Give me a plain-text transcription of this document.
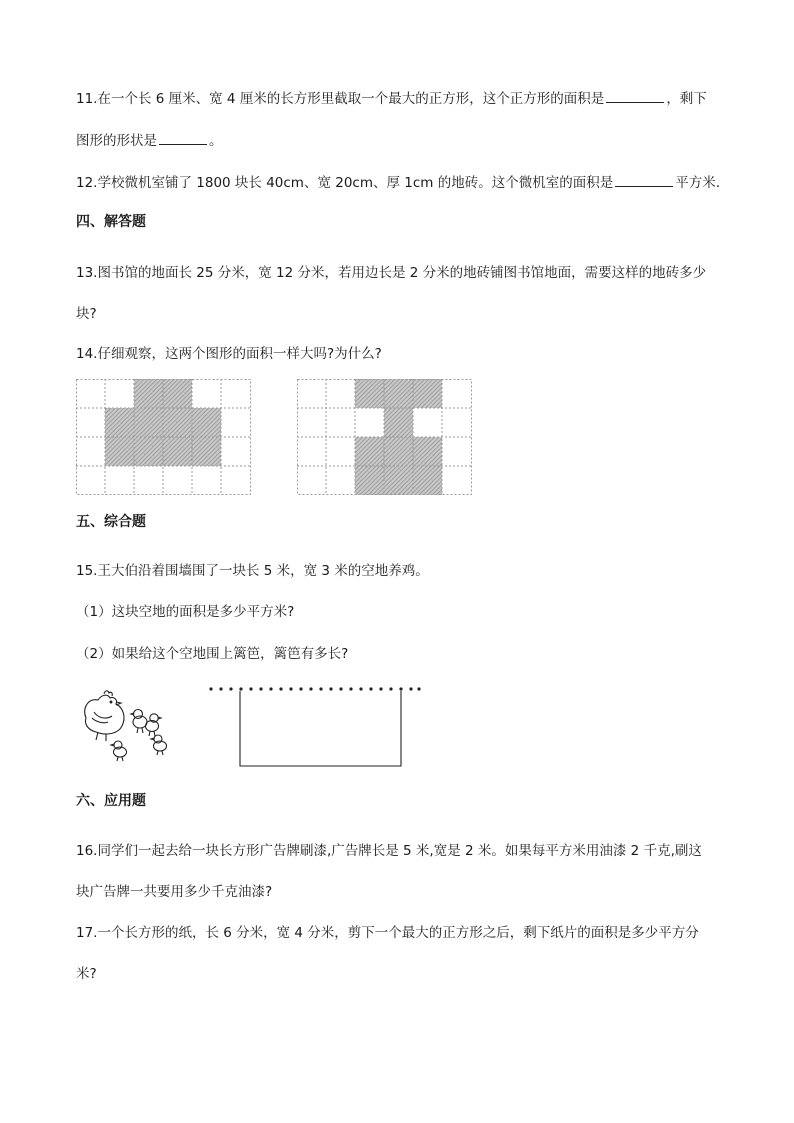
11.在一个长 6 厘米、宽 4 厘米的长方形里截取一个最大的正方形，这个正方形的面积是	，剩下
图形的形状是	。
12.学校微机室铺了 1800 块长 40cm、宽 20cm、厚 1cm 的地砖。这个微机室的面积是	平方米.
四、解答题
13.图书馆的地面长 25 分米，宽 12 分米，若用边长是 2 分米的地砖铺图书馆地面，需要这样的地砖多少
块?
14.仔细观察，这两个图形的面积一样大吗?为什么?
五、综合题
15.王大伯沿着围墙围了一块长 5 米，宽 3 米的空地养鸡。
（1）这块空地的面积是多少平方米?
（2）如果给这个空地围上篱笆，篱笆有多长?
六、应用题
16.同学们一起去给一块长方形广告牌刷漆,广告牌长是 5 米,宽是 2 米。如果每平方米用油漆 2 千克,刷这
块广告牌一共要用多少千克油漆?
17.一个长方形的纸，长 6 分米，宽 4 分米，剪下一个最大的正方形之后，剩下纸片的面积是多少平方分
米?
